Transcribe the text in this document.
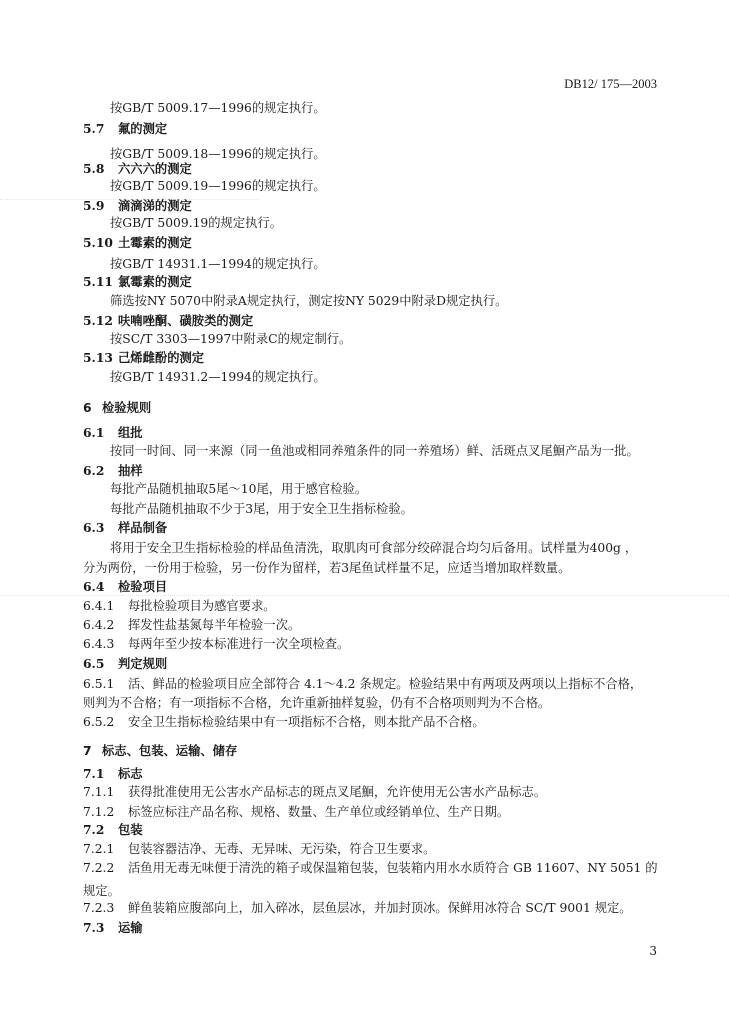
DB12/ 175—2003
按GB/T 5009.17—1996的规定执行。
5.7 氟的测定
按GB/T 5009.18—1996的规定执行。
5.8 六六六的测定
按GB/T 5009.19—1996的规定执行。
5.9 滴滴涕的测定
按GB/T 5009.19的规定执行。
5.10 土霉素的测定
按GB/T 14931.1—1994的规定执行。
5.11 氯霉素的测定
筛选按NY 5070中附录A规定执行，测定按NY 5029中附录D规定执行。
5.12 呋喃唑酮、磺胺类的测定
按SC/T 3303—1997中附录C的规定制行。
5.13 己烯雌酚的测定
按GB/T 14931.2—1994的规定执行。
6 检验规则
6.1 组批
按同一时间、同一来源（同一鱼池或相同养殖条件的同一养殖场）鲜、活斑点叉尾鮰产品为一批。
6.2 抽样
每批产品随机抽取5尾～10尾，用于感官检验。
每批产品随机抽取不少于3尾，用于安全卫生指标检验。
6.3 样品制备
将用于安全卫生指标检验的样品鱼清洗，取肌肉可食部分绞碎混合均匀后备用。试样量为400g ，
分为两份，一份用于检验，另一份作为留样，若3尾鱼试样量不足，应适当增加取样数量。
6.4 检验项目
6.4.1 每批检验项目为感官要求。
6.4.2 挥发性盐基氮每半年检验一次。
6.4.3 每两年至少按本标准进行一次全项检查。
6.5 判定规则
6.5.1 活、鲜品的检验项目应全部符合 4.1～4.2 条规定。检验结果中有两项及两项以上指标不合格，
则判为不合格；有一项指标不合格，允许重新抽样复验，仍有不合格项则判为不合格。
6.5.2 安全卫生指标检验结果中有一项指标不合格，则本批产品不合格。
7 标志、包装、运输、储存
7.1 标志
7.1.1 获得批准使用无公害水产品标志的斑点叉尾鮰，允许使用无公害水产品标志。
7.1.2 标签应标注产品名称、规格、数量、生产单位或经销单位、生产日期。
7.2 包装
7.2.1 包装容器洁净、无毒、无异味、无污染，符合卫生要求。
7.2.2 活鱼用无毒无味便于清洗的箱子或保温箱包装，包装箱内用水水质符合 GB 11607、NY 5051 的
规定。
7.2.3 鲜鱼装箱应腹部向上，加入碎冰，层鱼层冰，并加封顶冰。保鲜用冰符合 SC/T 9001 规定。
7.3 运输
3
